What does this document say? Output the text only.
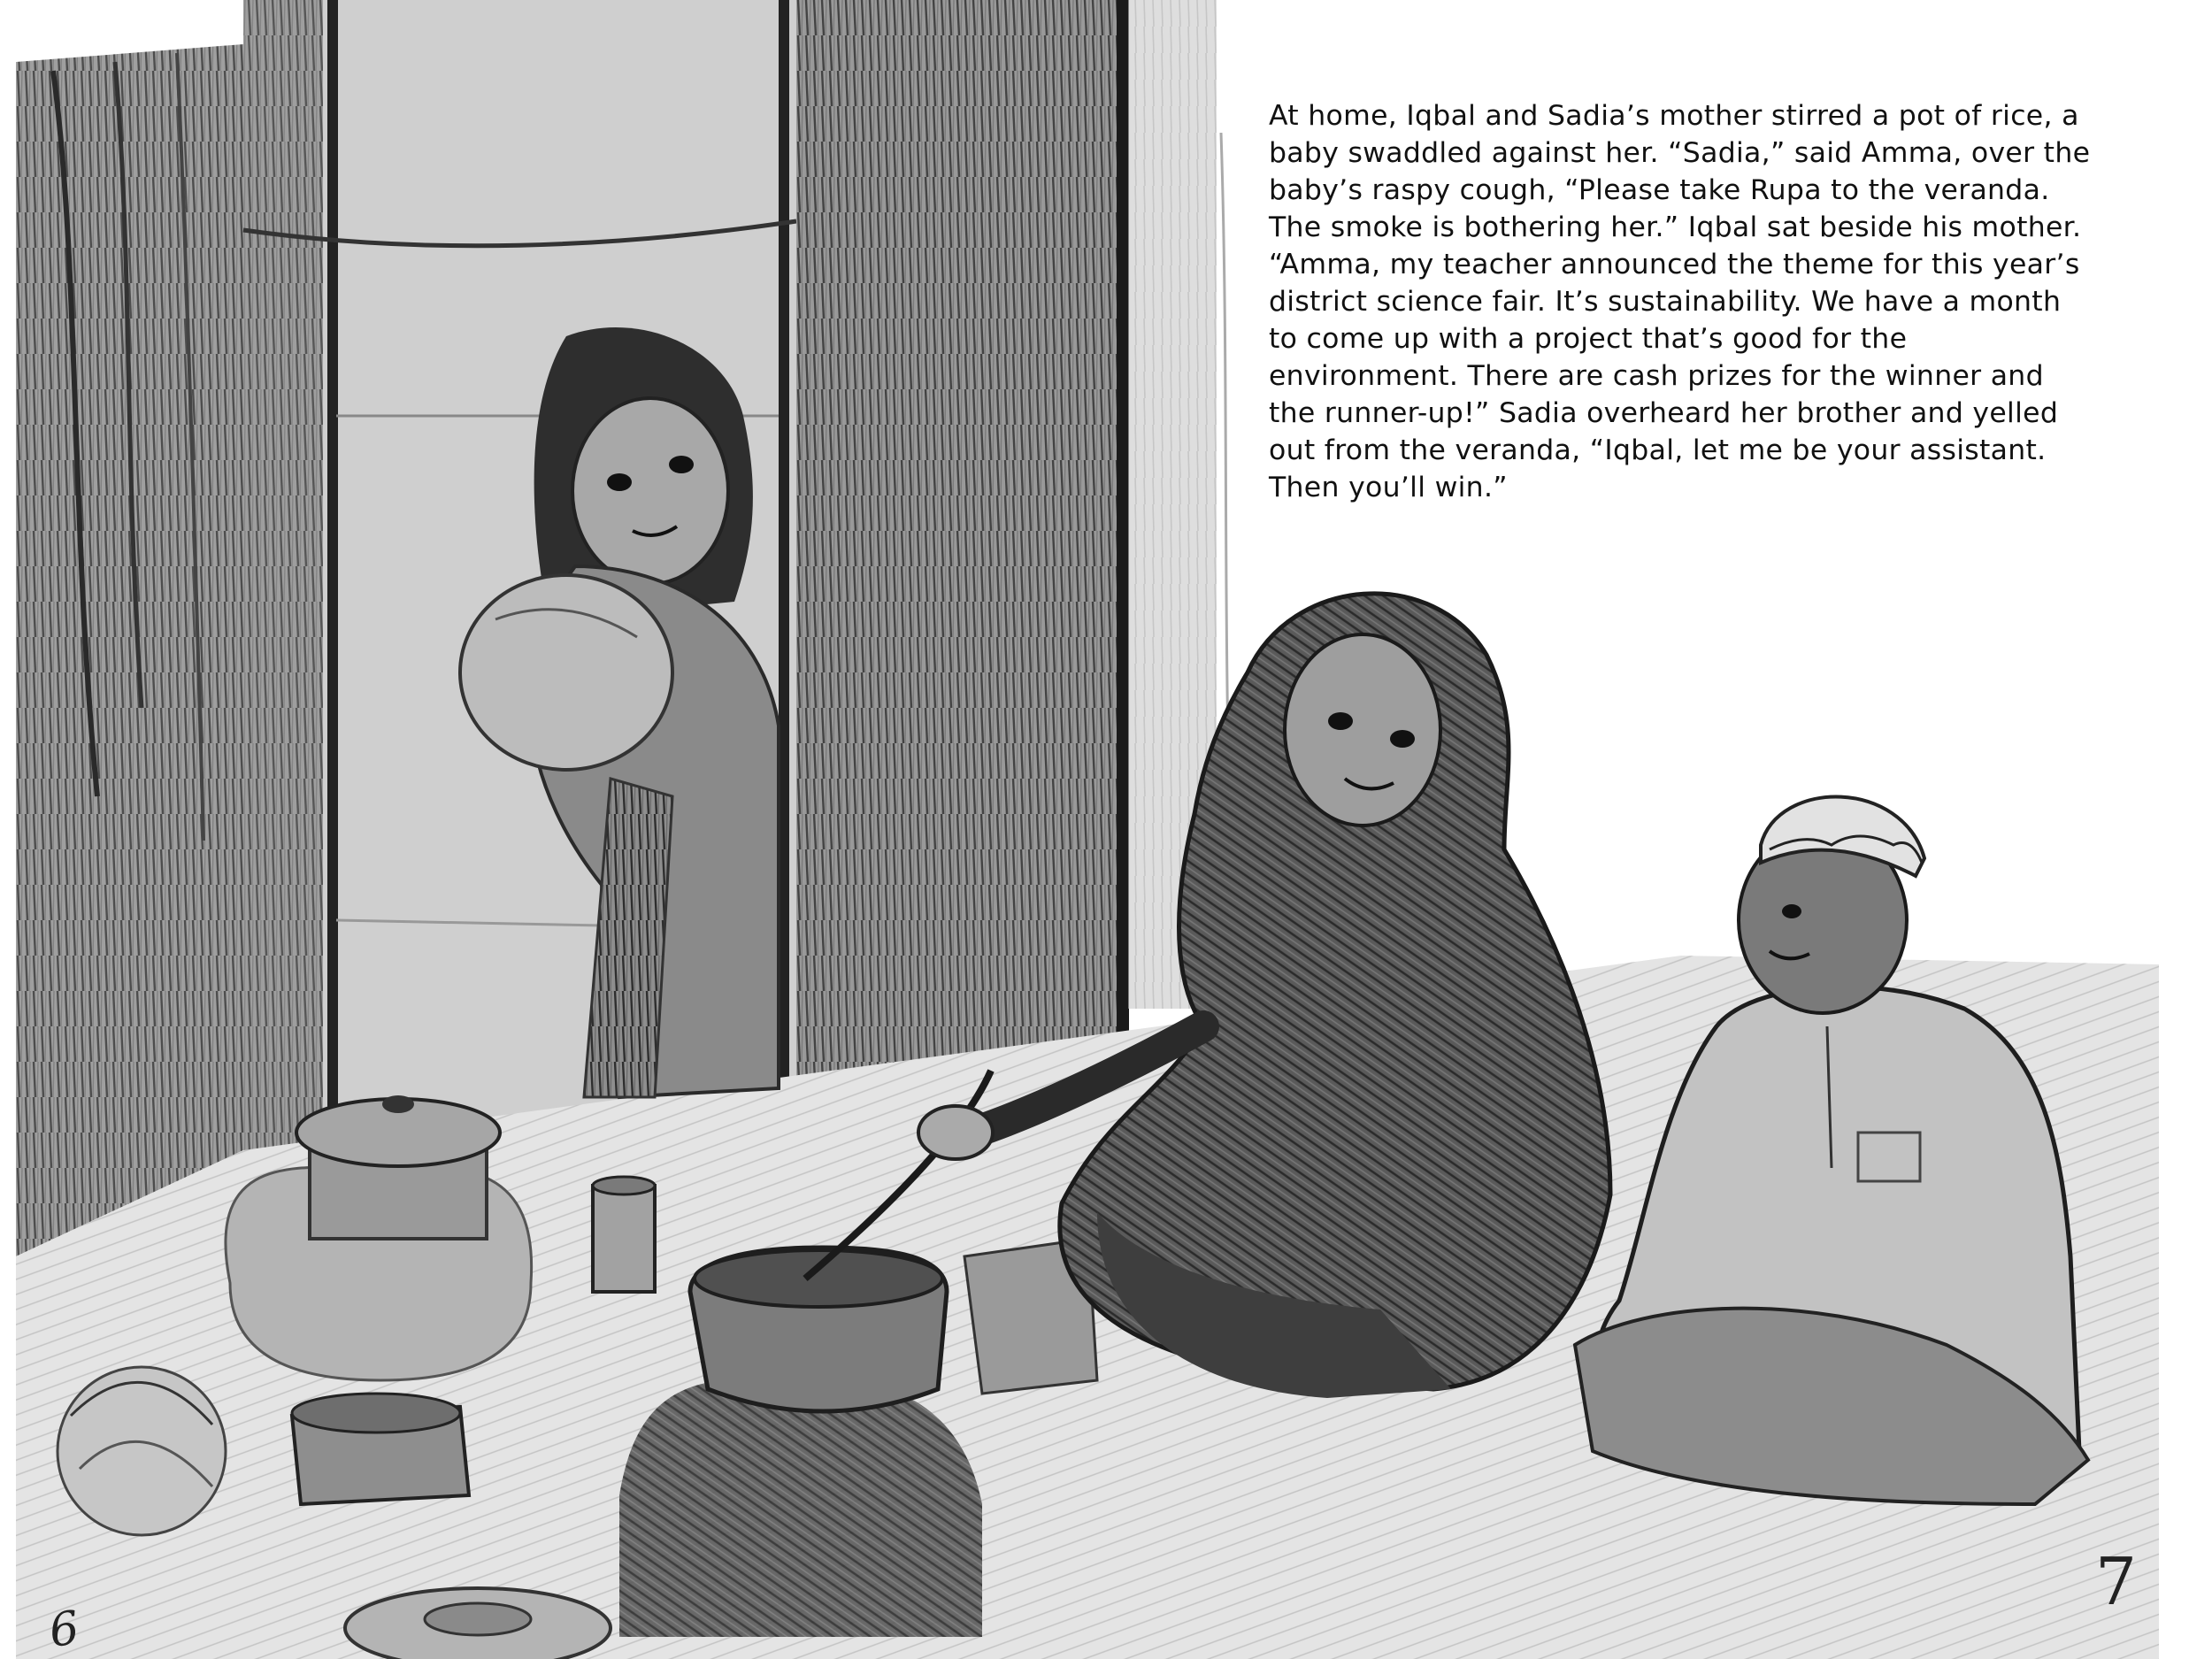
At home, Iqbal and Sadia’s mother stirred a pot of rice, a baby swaddled against her. “Sadia,” said Amma, over the baby’s raspy cough, “Please take Rupa to the veranda. The smoke is bothering her.” Iqbal sat beside his mother. “Amma, my teacher announced the theme for this year’s district science fair. It’s sustainability. We have a month to come up with a project that’s good for the environment. There are cash prizes for the winner and the runner-up!” Sadia overheard her brother and yelled out from the veranda, “Iqbal, let me be your assistant. Then you’ll win.”

6
7
